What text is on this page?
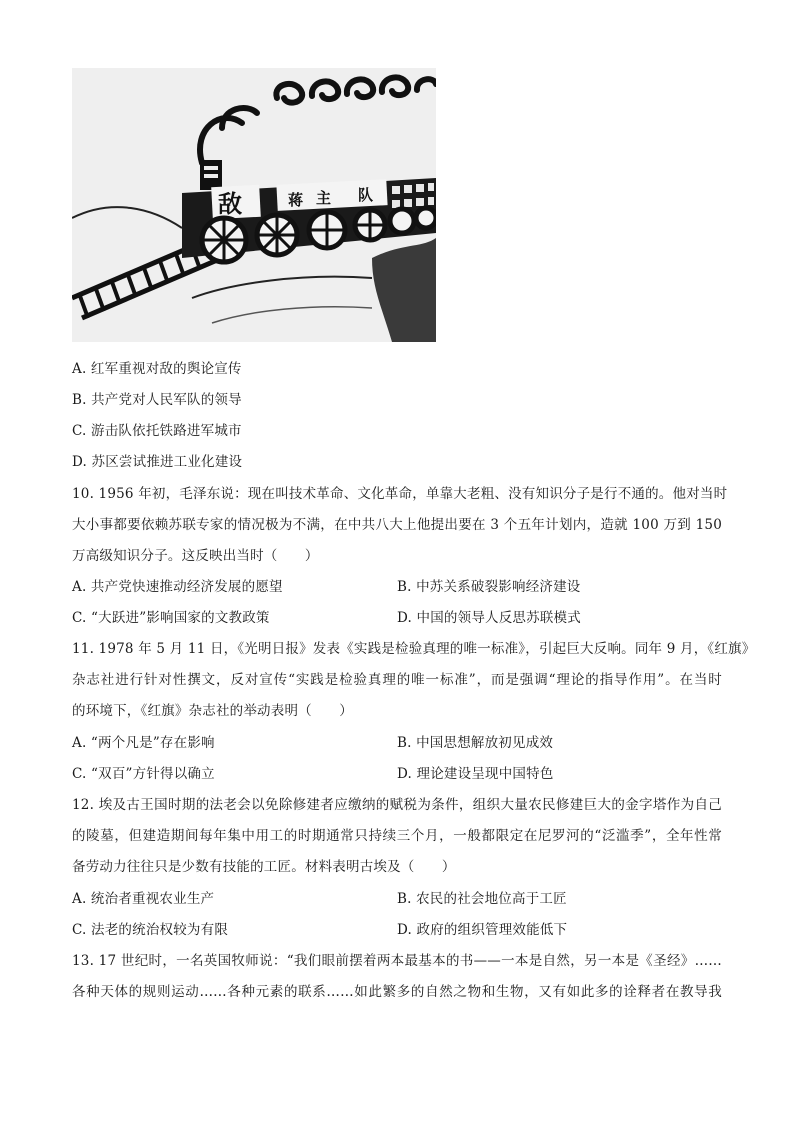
敌	蒋 主 队
A. 红军重视对敌的舆论宣传
B. 共产党对人民军队的领导
C. 游击队依托铁路进军城市
D. 苏区尝试推进工业化建设
10. 1956 年初，毛泽东说：现在叫技术革命、文化革命，单靠大老粗、没有知识分子是行不通的。他对当时
大小事都要依赖苏联专家的情况极为不满，在中共八大上他提出要在 3 个五年计划内，造就 100 万到 150
万高级知识分子。这反映出当时（　　）
A. 共产党快速推动经济发展的愿望	B. 中苏关系破裂影响经济建设
C. “大跃进”影响国家的文教政策	D. 中国的领导人反思苏联模式
11. 1978 年 5 月 11 日，《光明日报》发表《实践是检验真理的唯一标准》，引起巨大反响。同年 9 月，《红旗》
杂志社进行针对性撰文，反对宣传“实践是检验真理的唯一标准”，而是强调“理论的指导作用”。在当时
的环境下，《红旗》杂志社的举动表明（　　）
A. “两个凡是”存在影响	B. 中国思想解放初见成效
C. “双百”方针得以确立	D. 理论建设呈现中国特色
12. 埃及古王国时期的法老会以免除修建者应缴纳的赋税为条件，组织大量农民修建巨大的金字塔作为自己
的陵墓，但建造期间每年集中用工的时期通常只持续三个月，一般都限定在尼罗河的“泛滥季”，全年性常
备劳动力往往只是少数有技能的工匠。材料表明古埃及（　　）
A. 统治者重视农业生产	B. 农民的社会地位高于工匠
C. 法老的统治权较为有限	D. 政府的组织管理效能低下
13. 17 世纪时，一名英国牧师说：“我们眼前摆着两本最基本的书——一本是自然，另一本是《圣经》……
各种天体的规则运动……各种元素的联系……如此繁多的自然之物和生物，又有如此多的诠释者在教导我
